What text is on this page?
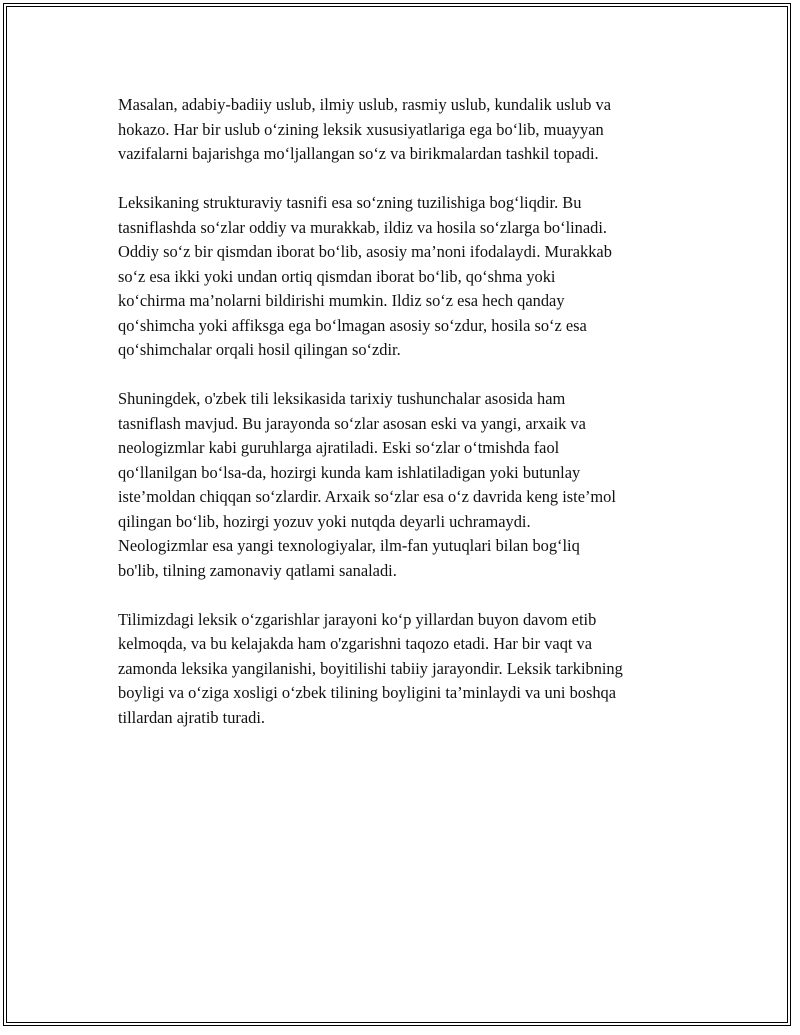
Masalan, adabiy-badiiy uslub, ilmiy uslub, rasmiy uslub, kundalik uslub va
hokazo. Har bir uslub o‘zining leksik xususiyatlariga ega bo‘lib, muayyan
vazifalarni bajarishga mo‘ljallangan so‘z va birikmalardan tashkil topadi.

Leksikaning strukturaviy tasnifi esa so‘zning tuzilishiga bog‘liqdir. Bu
tasniflashda so‘zlar oddiy va murakkab, ildiz va hosila so‘zlarga bo‘linadi.
Oddiy so‘z bir qismdan iborat bo‘lib, asosiy ma’noni ifodalaydi. Murakkab
so‘z esa ikki yoki undan ortiq qismdan iborat bo‘lib, qo‘shma yoki
ko‘chirma ma’nolarni bildirishi mumkin. Ildiz so‘z esa hech qanday
qo‘shimcha yoki affiksga ega bo‘lmagan asosiy so‘zdur, hosila so‘z esa
qo‘shimchalar orqali hosil qilingan so‘zdir.

Shuningdek, o'zbek tili leksikasida tarixiy tushunchalar asosida ham
tasniflash mavjud. Bu jarayonda so‘zlar asosan eski va yangi, arxaik va
neologizmlar kabi guruhlarga ajratiladi. Eski so‘zlar o‘tmishda faol
qo‘llanilgan bo‘lsa-da, hozirgi kunda kam ishlatiladigan yoki butunlay
iste’moldan chiqqan so‘zlardir. Arxaik so‘zlar esa o‘z davrida keng iste’mol
qilingan bo‘lib, hozirgi yozuv yoki nutqda deyarli uchramaydi.
Neologizmlar esa yangi texnologiyalar, ilm-fan yutuqlari bilan bog‘liq
bo'lib, tilning zamonaviy qatlami sanaladi.

Tilimizdagi leksik o‘zgarishlar jarayoni ko‘p yillardan buyon davom etib
kelmoqda, va bu kelajakda ham o'zgarishni taqozo etadi. Har bir vaqt va
zamonda leksika yangilanishi, boyitilishi tabiiy jarayondir. Leksik tarkibning
boyligi va o‘ziga xosligi o‘zbek tilining boyligini ta’minlaydi va uni boshqa
tillardan ajratib turadi.
